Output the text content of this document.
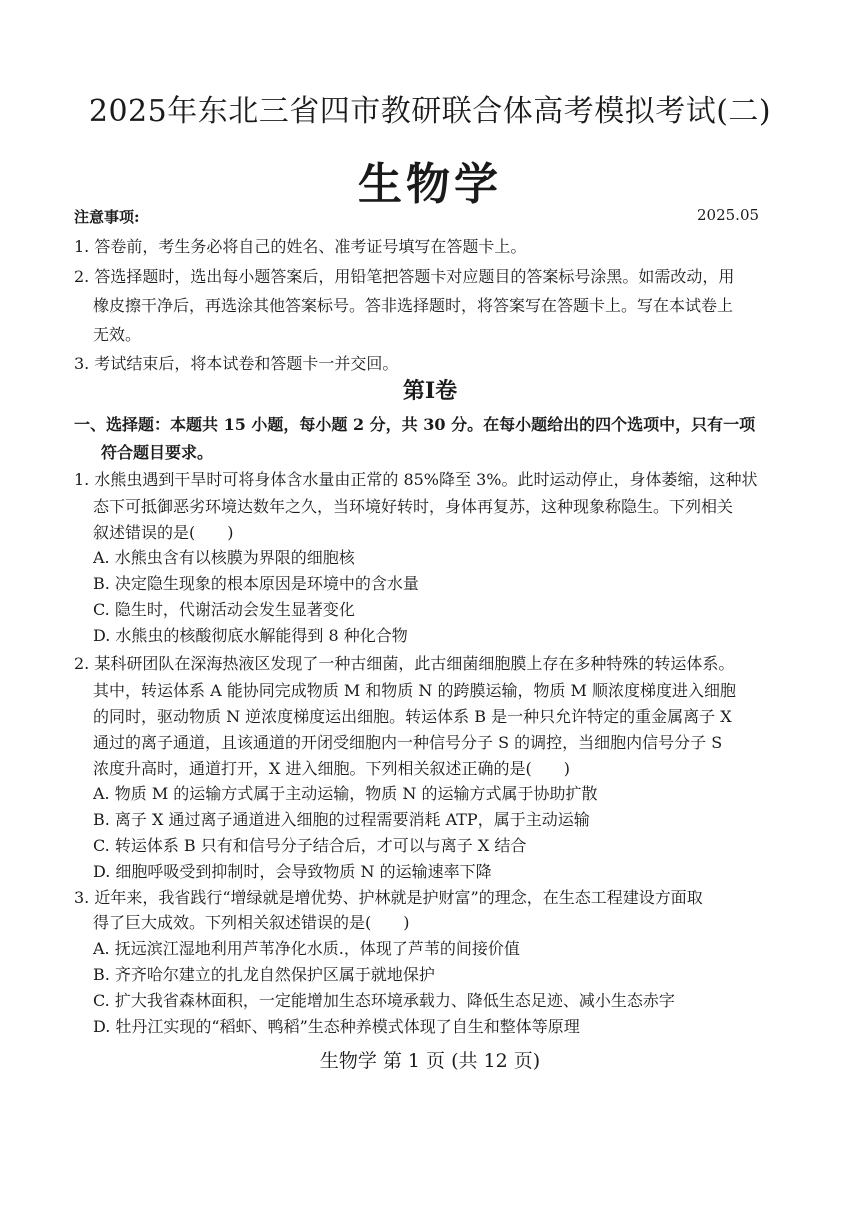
2025年东北三省四市教研联合体高考模拟考试(二)
生物学
注意事项:	2025.05
1. 答卷前，考生务必将自己的姓名、准考证号填写在答题卡上。
2. 答选择题时，选出每小题答案后，用铅笔把答题卡对应题目的答案标号涂黑。如需改动，用
橡皮擦干净后，再选涂其他答案标号。答非选择题时，将答案写在答题卡上。写在本试卷上
无效。
3. 考试结束后，将本试卷和答题卡一并交回。
第Ⅰ卷
一、选择题：本题共 15 小题，每小题 2 分，共 30 分。在每小题给出的四个选项中，只有一项
符合题目要求。
1. 水熊虫遇到干旱时可将身体含水量由正常的 85%降至 3%。此时运动停止，身体萎缩，这种状
态下可抵御恶劣环境达数年之久，当环境好转时，身体再复苏，这种现象称隐生。下列相关
叙述错误的是(　　)
A. 水熊虫含有以核膜为界限的细胞核
B. 决定隐生现象的根本原因是环境中的含水量
C. 隐生时，代谢活动会发生显著变化
D. 水熊虫的核酸彻底水解能得到 8 种化合物
2. 某科研团队在深海热液区发现了一种古细菌，此古细菌细胞膜上存在多种特殊的转运体系。
其中，转运体系 A 能协同完成物质 M 和物质 N 的跨膜运输，物质 M 顺浓度梯度进入细胞
的同时，驱动物质 N 逆浓度梯度运出细胞。转运体系 B 是一种只允许特定的重金属离子 X
通过的离子通道，且该通道的开闭受细胞内一种信号分子 S 的调控，当细胞内信号分子 S
浓度升高时，通道打开，X 进入细胞。下列相关叙述正确的是(　　)
A. 物质 M 的运输方式属于主动运输，物质 N 的运输方式属于协助扩散
B. 离子 X 通过离子通道进入细胞的过程需要消耗 ATP，属于主动运输
C. 转运体系 B 只有和信号分子结合后，才可以与离子 X 结合
D. 细胞呼吸受到抑制时，会导致物质 N 的运输速率下降
3. 近年来，我省践行“增绿就是增优势、护林就是护财富”的理念，在生态工程建设方面取
得了巨大成效。下列相关叙述错误的是(　　)
A. 抚远滨江湿地利用芦苇净化水质.，体现了芦苇的间接价值
B. 齐齐哈尔建立的扎龙自然保护区属于就地保护
C. 扩大我省森林面积，一定能增加生态环境承载力、降低生态足迹、减小生态赤字
D. 牡丹江实现的“稻虾、鸭稻”生态种养模式体现了自生和整体等原理
生物学 第 1 页 (共 12 页)
